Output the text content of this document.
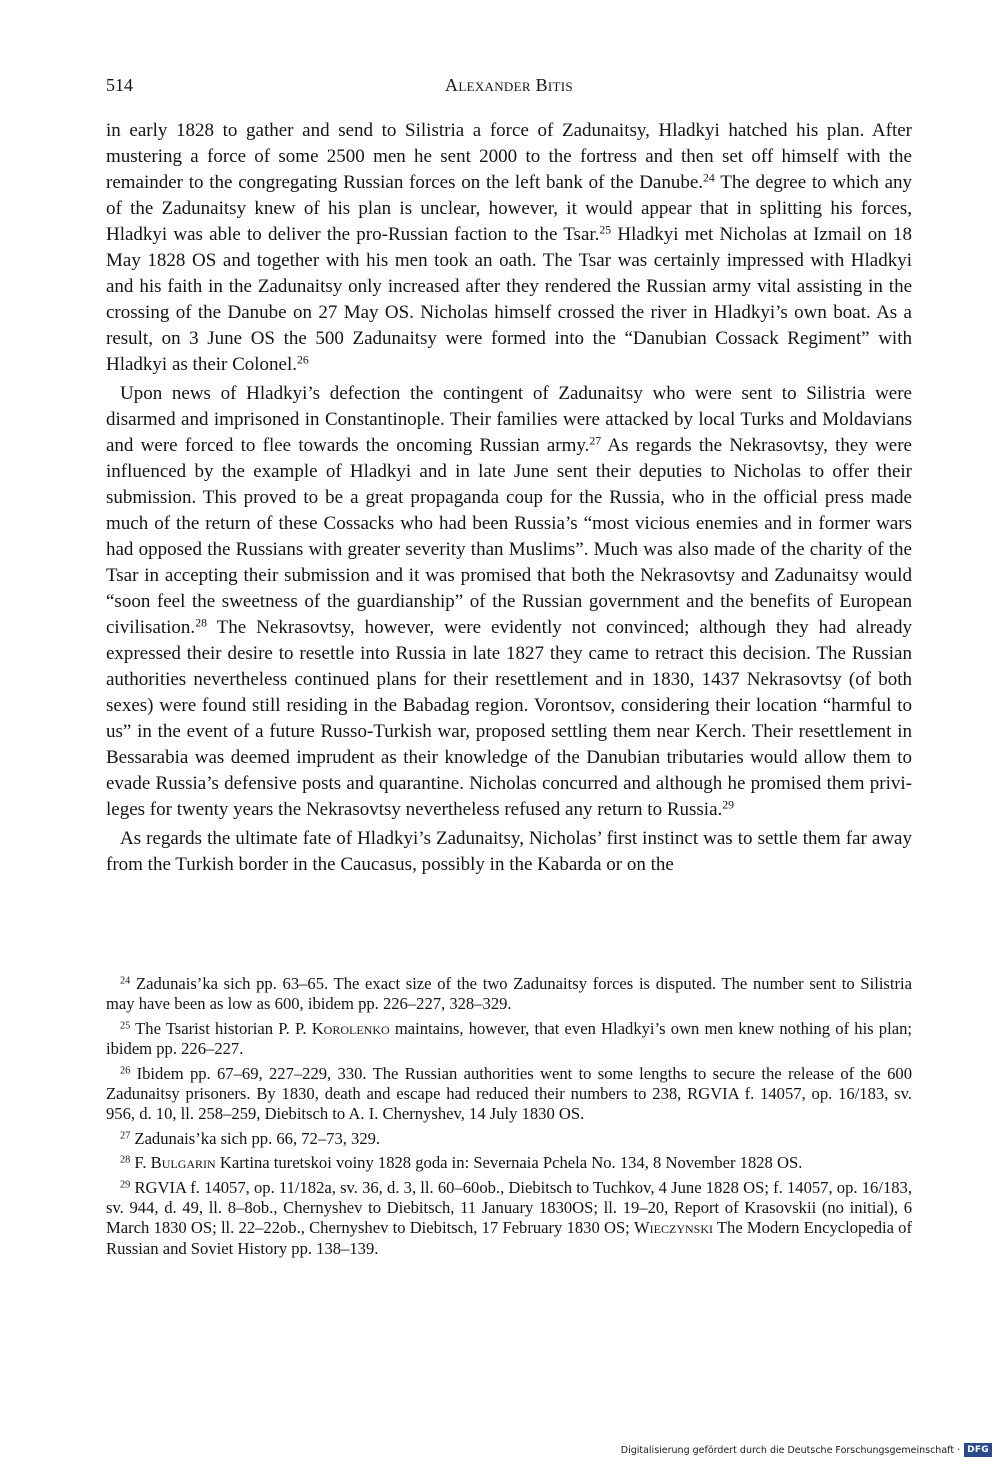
514	Alexander Bitis

in early 1828 to gather and send to Silistria a force of Zadunaitsy, Hladkyi hatched his plan. After mustering a force of some 2500 men he sent 2000 to the fortress and then set off himself with the remainder to the congregating Russian forces on the left bank of the Danube.$^{24}$ The degree to which any of the Zadunaitsy knew of his plan is unclear, however, it would appear that in splitting his forces, Hladkyi was able to deliver the pro-Russian faction to the Tsar.$^{25}$ Hladkyi met Nicholas at Izmail on 18 May 1828 OS and together with his men took an oath. The Tsar was certainly impressed with Hladkyi and his faith in the Zadunaitsy only increased after they rendered the Russian army vital assisting in the crossing of the Danube on 27 May OS. Nicholas himself crossed the river in Hladkyi’s own boat. As a result, on 3 June OS the 500 Zadunaitsy were formed into the “Danubian Cossack Regiment” with Hladkyi as their Colonel.$^{26}$

Upon news of Hladkyi’s defection the contingent of Zadunaitsy who were sent to Silistria were disarmed and imprisoned in Constantinople. Their families were attacked by local Turks and Moldavians and were forced to flee towards the oncoming Russian army.$^{27}$ As regards the Nekrasovtsy, they were influenced by the example of Hladkyi and in late June sent their deputies to Nicholas to offer their submission. This proved to be a great propaganda coup for the Russia, who in the official press made much of the return of these Cossacks who had been Russia’s “most vicious enemies and in former wars had opposed the Russians with greater severity than Muslims”. Much was also made of the charity of the Tsar in accepting their submission and it was promised that both the Nekrasovtsy and Zadunaitsy would “soon feel the sweetness of the guardianship” of the Russian government and the benefits of European civilisation.$^{28}$ The Nekrasovtsy, however, were evidently not convinced; although they had already expressed their desire to resettle into Russia in late 1827 they came to retract this decision. The Russian authorities nevertheless continued plans for their resettlement and in 1830, 1437 Nekrasovtsy (of both sexes) were found still residing in the Babadag region. Vorontsov, considering their location “harmful to us” in the event of a future Russo-Turkish war, proposed settling them near Kerch. Their resettlement in Bessarabia was deemed imprudent as their knowledge of the Danubian tributaries would allow them to evade Russia’s defensive posts and quarantine. Nicholas concurred and although he promised them privileges for twenty years the Nekrasovtsy nevertheless refused any return to Russia.$^{29}$

As regards the ultimate fate of Hladkyi’s Zadunaitsy, Nicholas’ first instinct was to settle them far away from the Turkish border in the Caucasus, possibly in the Kabarda or on the

$^{24}$ Zadunais’ka sich pp. 63–65. The exact size of the two Zadunaitsy forces is disputed. The number sent to Silistria may have been as low as 600, ibidem pp. 226–227, 328–329.

$^{25}$ The Tsarist historian P. P. Korolenko maintains, however, that even Hladkyi’s own men knew nothing of his plan; ibidem pp. 226–227.

$^{26}$ Ibidem pp. 67–69, 227–229, 330. The Russian authorities went to some lengths to secure the release of the 600 Zadunaitsy prisoners. By 1830, death and escape had reduced their numbers to 238, RGVIA f. 14057, op. 16/183, sv. 956, d. 10, ll. 258–259, Diebitsch to A. I. Chernyshev, 14 July 1830 OS.

$^{27}$ Zadunais’ka sich pp. 66, 72–73, 329.

$^{28}$ F. Bulgarin Kartina turetskoi voiny 1828 goda in: Severnaia Pchela No. 134, 8 November 1828 OS.

$^{29}$ RGVIA f. 14057, op. 11/182a, sv. 36, d. 3, ll. 60–60ob., Diebitsch to Tuchkov, 4 June 1828 OS; f. 14057, op. 16/183, sv. 944, d. 49, ll. 8–8ob., Chernyshev to Diebitsch, 11 January 1830OS; ll. 19–20, Report of Krasovskii (no initial), 6 March 1830 OS; ll. 22–22ob., Chernyshev to Diebitsch, 17 February 1830 OS; Wieczynski The Modern Encyclopedia of Russian and Soviet History pp. 138–139.

Digitalisierung gefördert durch die Deutsche Forschungsgemeinschaft · DFG
